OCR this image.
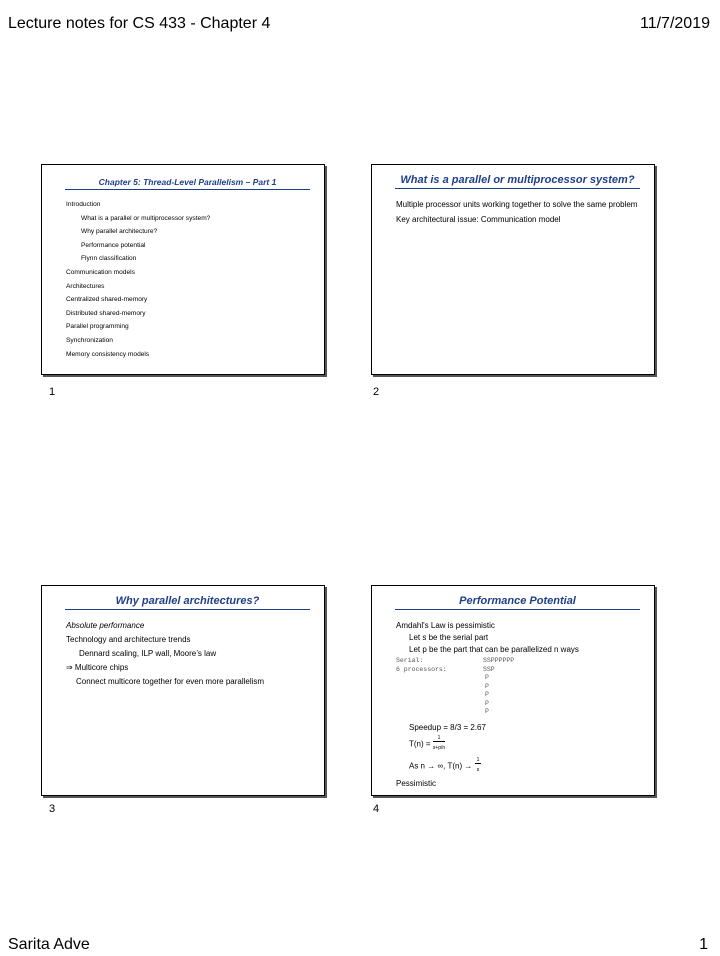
Lecture notes for CS 433 - Chapter 4	11/7/2019
Chapter 5: Thread-Level Parallelism – Part 1
Introduction
What is a parallel or multiprocessor system?
Why parallel architecture?
Performance potential
Flynn classification
Communication models
Architectures
Centralized shared-memory
Distributed shared-memory
Parallel programming
Synchronization
Memory consistency models
1
What is a parallel or multiprocessor system?
Multiple processor units working together to solve the same problem
Key architectural issue: Communication model
2
Why parallel architectures?
Absolute performance
Technology and architecture trends
Dennard scaling, ILP wall, Moore’s law
⇒ Multicore chips
Connect multicore together for even more parallelism
3
Performance Potential
Amdahl's Law is pessimistic
Let s be the serial part
Let p be the part that can be parallelized n ways
Serial:	SSPPPPPP
6 processors:	SSP
P
P
P
P
P
Speedup = 8/3 = 2.67
$T(n) = \frac{1}{s+p/n}$
As n → ∞, $T(n) \to \frac{1}{s}$
Pessimistic
4
Sarita Adve	1
